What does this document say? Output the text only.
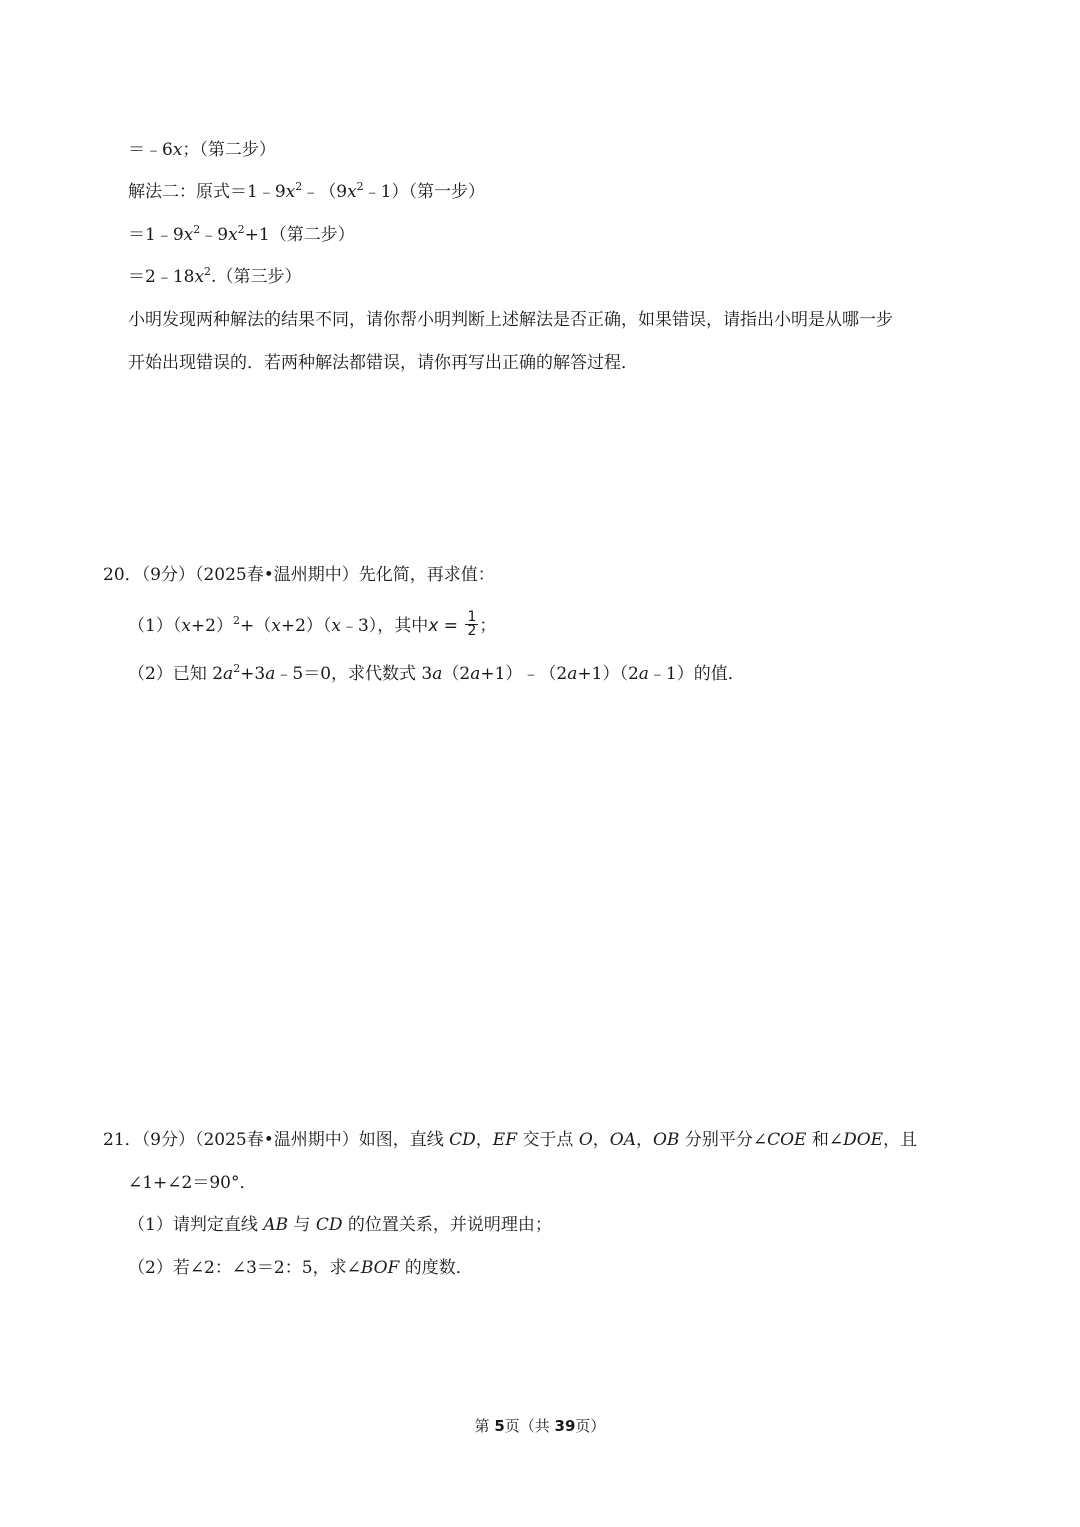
＝﹣6x；（第二步）
解法二：原式$=1﹣9x^2﹣(9x^2﹣1)$（第一步）
$=1﹣9x^2﹣9x^2+1$（第二步）
$=2﹣18x^2$.（第三步）
小明发现两种解法的结果不同，请你帮小明判断上述解法是否正确，如果错误，请指出小明是从哪一步
开始出现错误的．若两种解法都错误，请你再写出正确的解答过程．
20．（9分）（2025春•温州期中）先化简，再求值：
$(1)(x+2)^2+(x+2)(x﹣3)$，其中$x = \frac{1}{2}$ ；
（2）已知 $2a^2+3a﹣5=0$，求代数式 3a（2a+1）﹣（2a+1）（2a﹣1）的值．
21．（9分）（2025春•温州期中）如图，直线 CD，EF 交于点 O，OA，OB 分别平分∠COE 和∠DOE，且
∠1+∠2＝90°．
（1）请判定直线 AB 与 CD 的位置关系，并说明理由；
（2）若∠2：∠3＝2：5，求∠BOF 的度数．
第 5页（共 39页）
